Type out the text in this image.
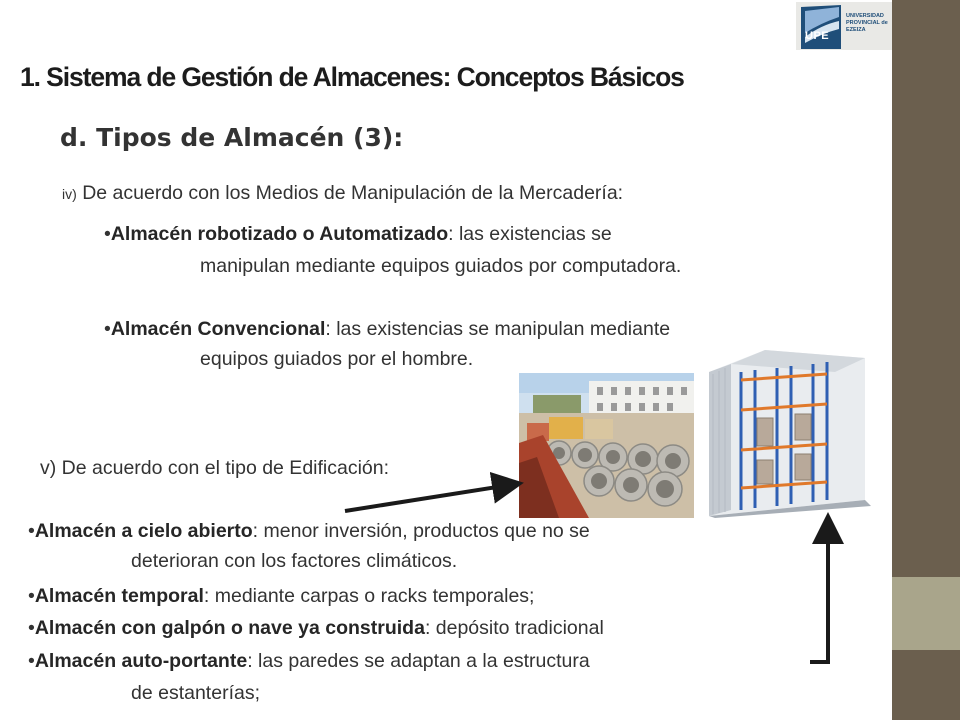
UPE
UNIVERSIDAD PROVINCIAL de EZEIZA
1. Sistema de Gestión de Almacenes: Conceptos Básicos
d. Tipos de Almacén (3):
iv) De acuerdo con los Medios de Manipulación de la Mercadería:
•Almacén robotizado o Automatizado: las existencias se
manipulan mediante equipos guiados por computadora.
•Almacén Convencional: las existencias se manipulan mediante
equipos guiados por el hombre.
v) De acuerdo con el tipo de Edificación:
•Almacén a cielo abierto: menor inversión, productos que no se
deterioran con los factores climáticos.
•Almacén temporal: mediante carpas o racks temporales;
•Almacén con galpón o nave ya construida: depósito tradicional
•Almacén auto-portante: las paredes se adaptan a la estructura
de estanterías;
